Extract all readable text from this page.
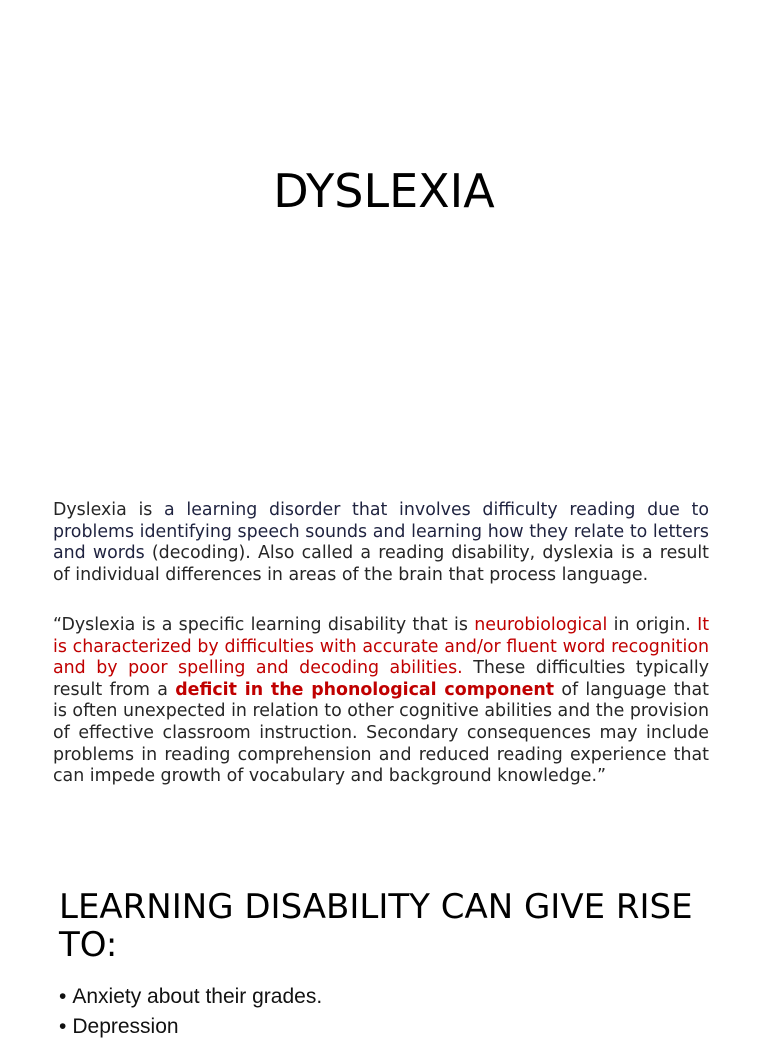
DYSLEXIA
Dyslexia is a learning disorder that involves difficulty reading due to problems identifying speech sounds and learning how they relate to letters and words (decoding). Also called a reading disability, dyslexia is a result of individual differences in areas of the brain that process language.
“Dyslexia is a specific learning disability that is neurobiological in origin. It is characterized by difficulties with accurate and/or fluent word recognition and by poor spelling and decoding abilities. These difficulties typically result from a deficit in the phonological component of language that is often unexpected in relation to other cognitive abilities and the provision of effective classroom instruction. Secondary consequences may include problems in reading comprehension and reduced reading experience that can impede growth of vocabulary and background knowledge.”
LEARNING DISABILITY CAN GIVE RISE TO:
• Anxiety about their grades.
• Depression
